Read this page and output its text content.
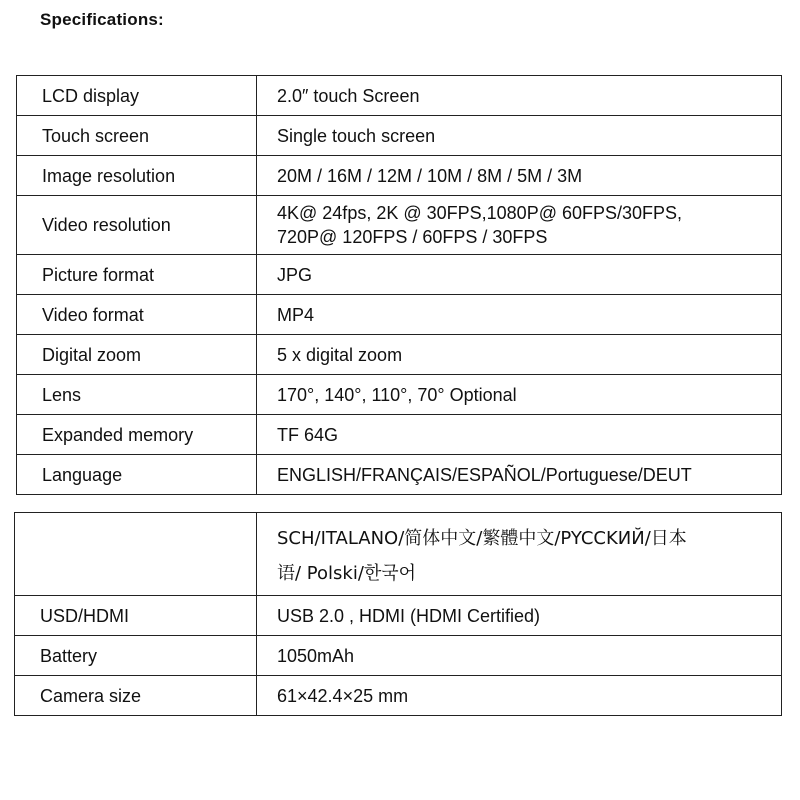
Specifications:
LCD display	2.0″ touch Screen
Touch screen	Single touch screen
Image resolution	20M / 16M / 12M / 10M / 8M / 5M / 3M
Video resolution	4K@ 24fps, 2K @ 30FPS,1080P@ 60FPS/30FPS,
720P@ 120FPS / 60FPS / 30FPS

Picture format	JPG
Video format	MP4
Digital zoom	5 x digital zoom
Lens	170°, 140°, 110°, 70° Optional
Expanded memory	TF 64G
Language	ENGLISH/FRANÇAIS/ESPAÑOL/Portuguese/DEUT

	SCH/ITALANO/简体中文/繁體中文/PYCCKИЙ/日本
语/ Polski/한국어

USD/HDMI	USB 2.0 , HDMI (HDMI Certified)
Battery	1050mAh
Camera size	61×42.4×25 mm
